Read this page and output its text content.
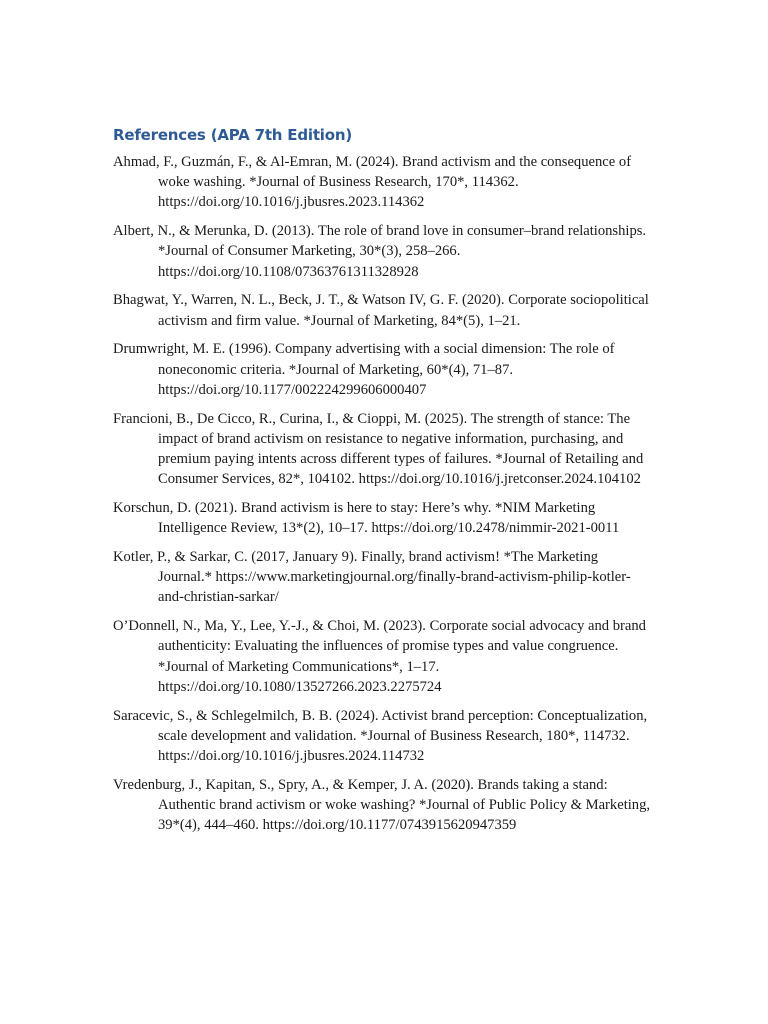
References (APA 7th Edition)
Ahmad, F., Guzmán, F., & Al-Emran, M. (2024). Brand activism and the consequence of woke washing. *Journal of Business Research, 170*, 114362. https://doi.org/10.1016/j.jbusres.2023.114362
Albert, N., & Merunka, D. (2013). The role of brand love in consumer–brand relationships. *Journal of Consumer Marketing, 30*(3), 258–266. https://doi.org/10.1108/07363761311328928
Bhagwat, Y., Warren, N. L., Beck, J. T., & Watson IV, G. F. (2020). Corporate sociopolitical activism and firm value. *Journal of Marketing, 84*(5), 1–21.
Drumwright, M. E. (1996). Company advertising with a social dimension: The role of noneconomic criteria. *Journal of Marketing, 60*(4), 71–87. https://doi.org/10.1177/002224299606000407
Francioni, B., De Cicco, R., Curina, I., & Cioppi, M. (2025). The strength of stance: The impact of brand activism on resistance to negative information, purchasing, and premium paying intents across different types of failures. *Journal of Retailing and Consumer Services, 82*, 104102. https://doi.org/10.1016/j.jretconser.2024.104102
Korschun, D. (2021). Brand activism is here to stay: Here’s why. *NIM Marketing Intelligence Review, 13*(2), 10–17. https://doi.org/10.2478/nimmir-2021-0011
Kotler, P., & Sarkar, C. (2017, January 9). Finally, brand activism! *The Marketing Journal.* https://www.marketingjournal.org/finally-brand-activism-philip-kotler-and-christian-sarkar/
O’Donnell, N., Ma, Y., Lee, Y.-J., & Choi, M. (2023). Corporate social advocacy and brand authenticity: Evaluating the influences of promise types and value congruence. *Journal of Marketing Communications*, 1–17. https://doi.org/10.1080/13527266.2023.2275724
Saracevic, S., & Schlegelmilch, B. B. (2024). Activist brand perception: Conceptualization, scale development and validation. *Journal of Business Research, 180*, 114732. https://doi.org/10.1016/j.jbusres.2024.114732
Vredenburg, J., Kapitan, S., Spry, A., & Kemper, J. A. (2020). Brands taking a stand: Authentic brand activism or woke washing? *Journal of Public Policy & Marketing, 39*(4), 444–460. https://doi.org/10.1177/0743915620947359
